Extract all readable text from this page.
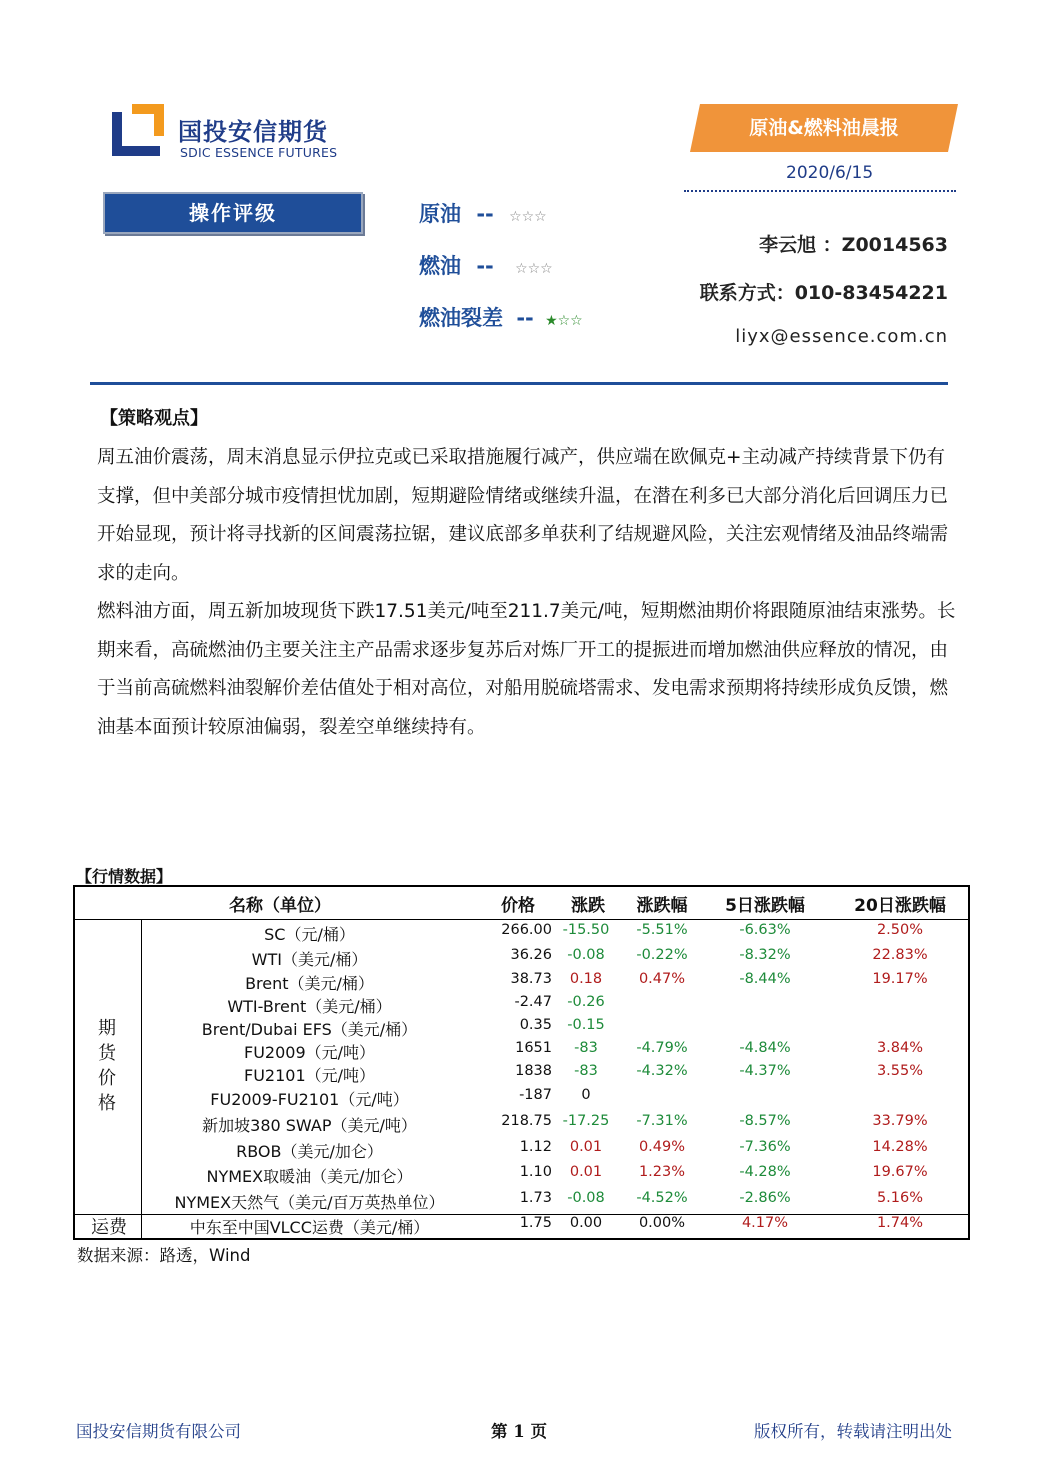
国投安信期货
SDIC ESSENCE FUTURES
原油&燃料油晨报
2020/6/15
操作评级	原油 -- ☆☆☆
燃油 -- ☆☆☆
燃油裂差 -- ★☆☆
李云旭 ：Z0014563
联系方式：010-83454221
liyx@essence.com.cn
【策略观点】
周五油价震荡，周末消息显示伊拉克或已采取措施履行减产，供应端在欧佩克+主动减产持续背景下仍有支撑，但中美部分城市疫情担忧加剧，短期避险情绪或继续升温，在潜在利多已大部分消化后回调压力已开始显现，预计将寻找新的区间震荡拉锯，建议底部多单获利了结规避风险，关注宏观情绪及油品终端需求的走向。
燃料油方面，周五新加坡现货下跌17.51美元/吨至211.7美元/吨，短期燃油期价将跟随原油结束涨势。长期来看，高硫燃油仍主要关注主产品需求逐步复苏后对炼厂开工的提振进而增加燃油供应释放的情况，由于当前高硫燃料油裂解价差估值处于相对高位，对船用脱硫塔需求、发电需求预期将持续形成负反馈，燃油基本面预计较原油偏弱，裂差空单继续持有。
【行情数据】
名称（单位）	价格	涨跌	涨跌幅	5日涨跌幅	20日涨跌幅
期
货
价
格
运费
SC（元/桶）	266.00 -15.50	-5.51%	-6.63%	2.50%
WTI（美元/桶）	36.26	-0.08	-0.22%	-8.32%	22.83%
Brent（美元/桶）	38.73	0.18	0.47%	-8.44%	19.17%
WTI-Brent（美元/桶）	-2.47	-0.26
Brent/Dubai EFS（美元/桶）	0.35	-0.15
FU2009（元/吨）	1651	-83	-4.79%	-4.84%	3.84%
FU2101（元/吨）	1838	-83	-4.32%	-4.37%	3.55%
FU2009-FU2101（元/吨）	-187	0
新加坡380 SWAP（美元/吨）	218.75 -17.25	-7.31%	-8.57%	33.79%
RBOB（美元/加仑）	1.12	0.01	0.49%	-7.36%	14.28%
NYMEX取暖油（美元/加仑）	1.10	0.01	1.23%	-4.28%	19.67%
NYMEX天然气（美元/百万英热单位）	1.73	-0.08	-4.52%	-2.86%	5.16%
中东至中国VLCC运费（美元/桶）	1.75	0.00	0.00%	4.17%	1.74%
数据来源：路透，Wind
国投安信期货有限公司	第 1 页	版权所有，转载请注明出处
